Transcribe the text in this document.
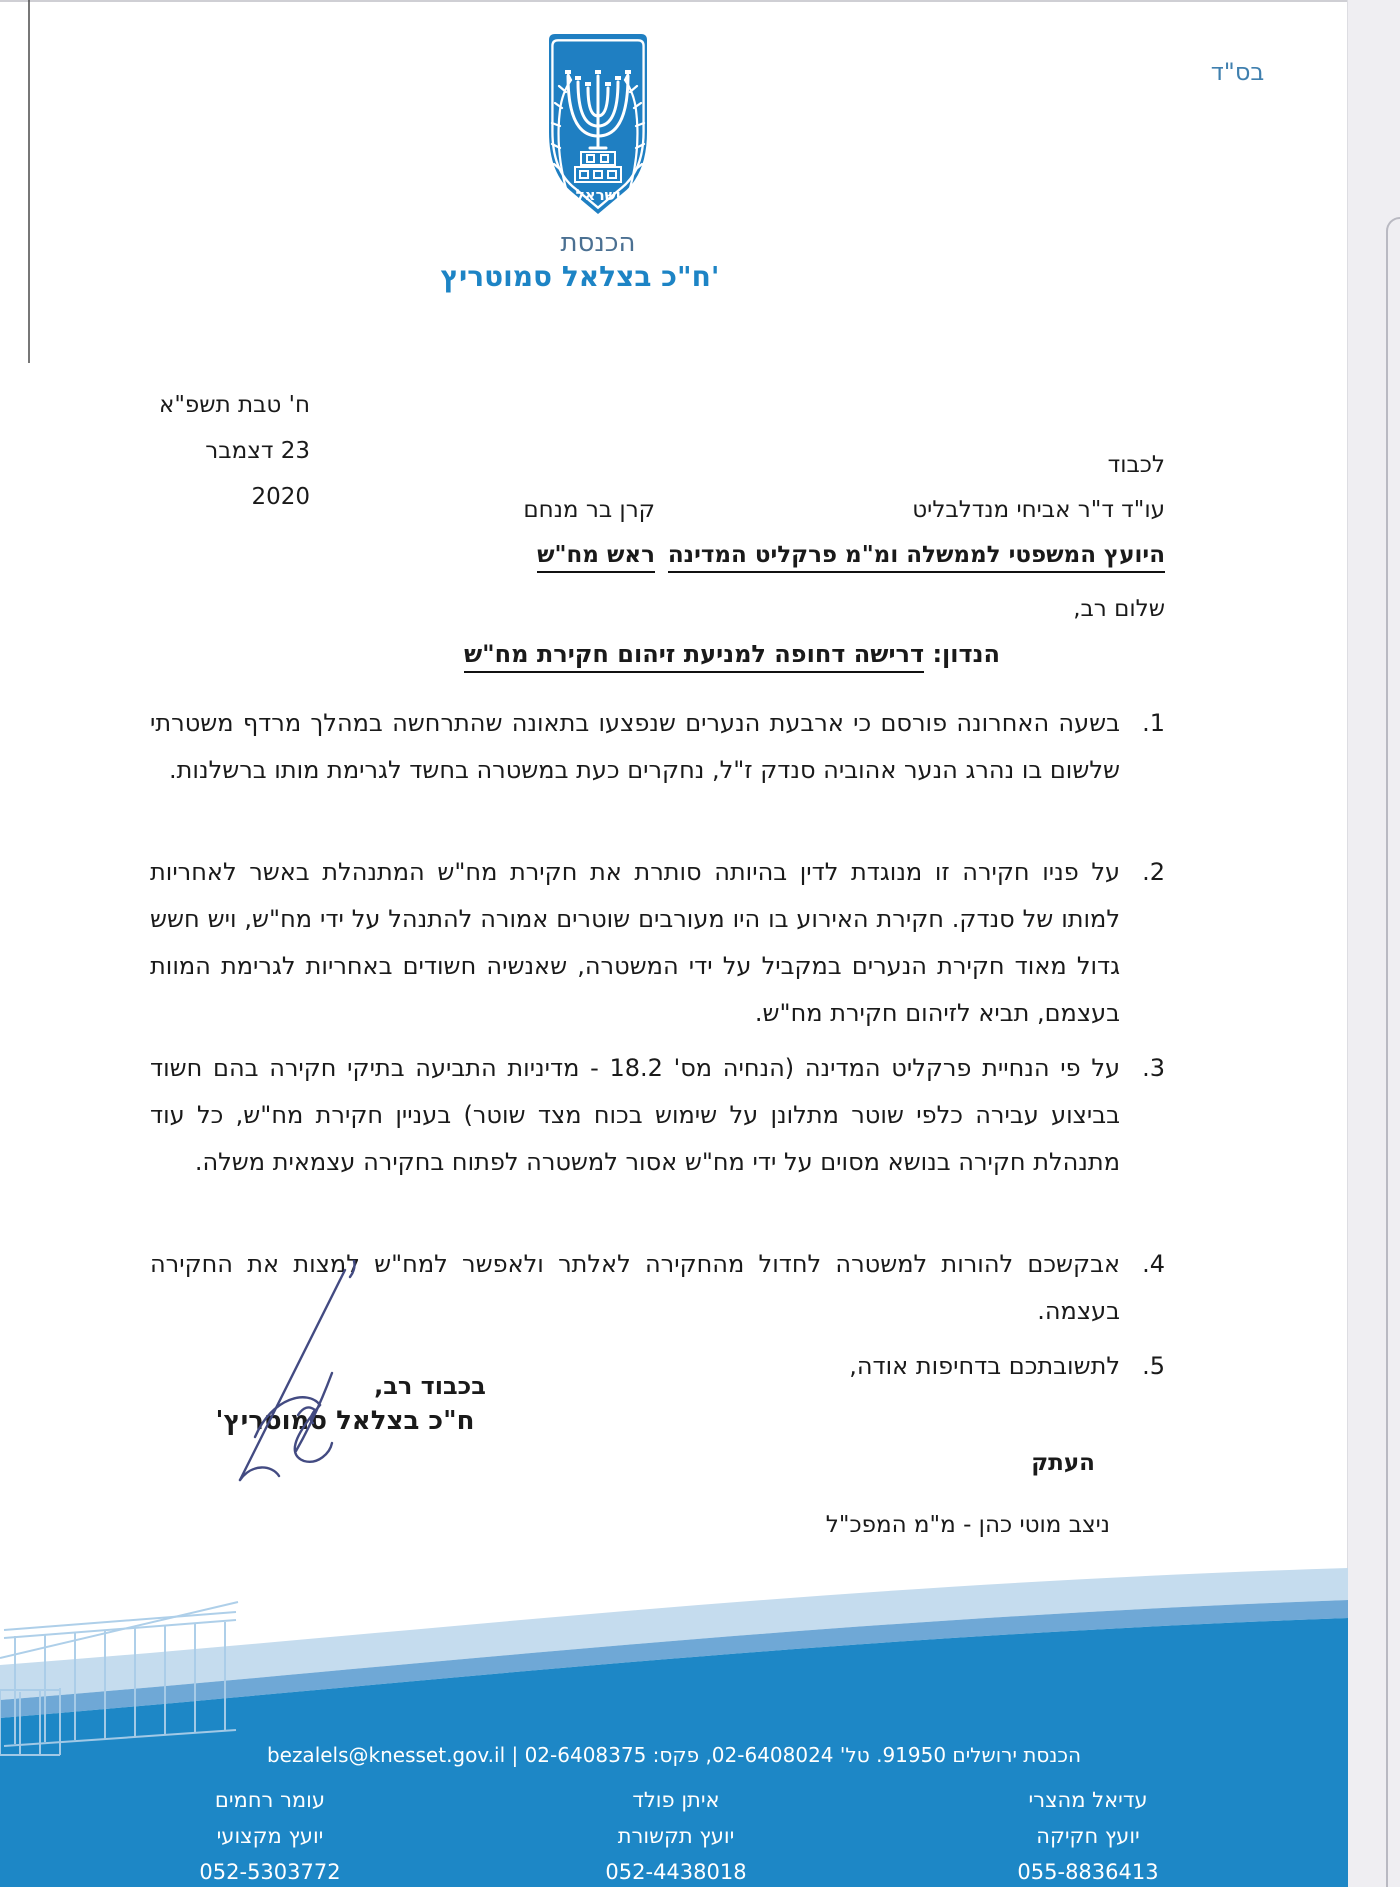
בס"ד
ישראל
הכנסת
ח"כ בצלאל סמוטריץ'
ח' טבת תשפ"א
23 דצמבר 2020
לכבוד
עו"ד ד"ר אביחי מנדלבליט
היועץ המשפטי לממשלה ומ"מ פרקליט המדינה
קרן בר מנחם
ראש מח"ש
שלום רב,
הנדון: דרישה דחופה למניעת זיהום חקירת מח"ש
1.
בשעה האחרונה פורסם כי ארבעת הנערים שנפצעו בתאונה שהתרחשה במהלך מרדף משטרתי שלשום בו נהרג הנער אהוביה סנדק ז"ל, נחקרים כעת במשטרה בחשד לגרימת מותו ברשלנות.
2.
על פניו חקירה זו מנוגדת לדין בהיותה סותרת את חקירת מח"ש המתנהלת באשר לאחריות למותו של סנדק. חקירת האירוע בו היו מעורבים שוטרים אמורה להתנהל על ידי מח"ש, ויש חשש גדול מאוד חקירת הנערים במקביל על ידי המשטרה, שאנשיה חשודים באחריות לגרימת המוות בעצמם, תביא לזיהום חקירת מח"ש.
3.
על פי הנחיית פרקליט המדינה (הנחיה מס' 18.2 - מדיניות התביעה בתיקי חקירה בהם חשוד בביצוע עבירה כלפי שוטר מתלונן על שימוש בכוח מצד שוטר) בעניין חקירת מח"ש, כל עוד מתנהלת חקירה בנושא מסוים על ידי מח"ש אסור למשטרה לפתוח בחקירה עצמאית משלה.
4.
אבקשכם להורות למשטרה לחדול מהחקירה לאלתר ולאפשר למח"ש למצות את החקירה בעצמה.
5.
לתשובתכם בדחיפות אודה,
בכבוד רב,
ח"כ בצלאל סמוטריץ'
העתק
ניצב מוטי כהן - מ"מ המפכ"ל
הכנסת ירושלים 91950. טל' 02-6408024, פקס: 02-6408375 | bezalels@knesset.gov.il
עדיאל מהצרי
יועץ חקיקה
055-8836413
איתן פולד
יועץ תקשורת
052-4438018
עומר רחמים
יועץ מקצועי
052-5303772
